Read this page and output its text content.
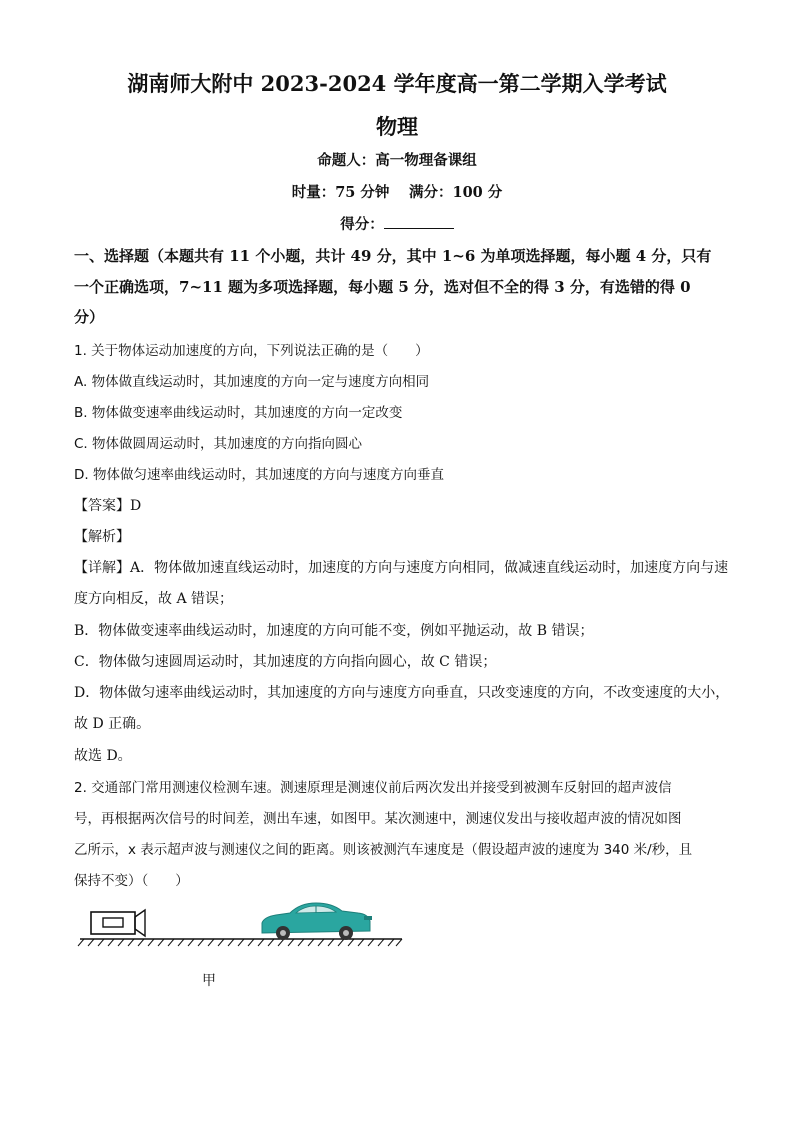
湖南师大附中 2023-2024 学年度高一第二学期入学考试
物理
命题人：高一物理备课组
时量：75 分钟　 满分：100 分
得分：
一、选择题（本题共有 11 个小题，共计 49 分，其中 1~6 为单项选择题，每小题 4 分，只有
一个正确选项，7~11 题为多项选择题，每小题 5 分，选对但不全的得 3 分，有选错的得 0
分）
1. 关于物体运动加速度的方向，下列说法正确的是（　　）
A. 物体做直线运动时，其加速度的方向一定与速度方向相同
B. 物体做变速率曲线运动时，其加速度的方向一定改变
C. 物体做圆周运动时，其加速度的方向指向圆心
D. 物体做匀速率曲线运动时，其加速度的方向与速度方向垂直
【答案】D
【解析】
【详解】A．物体做加速直线运动时，加速度的方向与速度方向相同，做减速直线运动时，加速度方向与速
度方向相反，故 A 错误；
B．物体做变速率曲线运动时，加速度的方向可能不变，例如平抛运动，故 B 错误；
C．物体做匀速圆周运动时，其加速度的方向指向圆心，故 C 错误；
D．物体做匀速率曲线运动时，其加速度的方向与速度方向垂直，只改变速度的方向，不改变速度的大小，
故 D 正确。
故选 D。
2. 交通部门常用测速仪检测车速。测速原理是测速仪前后两次发出并接受到被测车反射回的超声波信
号，再根据两次信号的时间差，测出车速，如图甲。某次测速中，测速仪发出与接收超声波的情况如图
乙所示，x 表示超声波与测速仪之间的距离。则该被测汽车速度是（假设超声波的速度为 340 米/秒，且
保持不变）（　　）
甲
